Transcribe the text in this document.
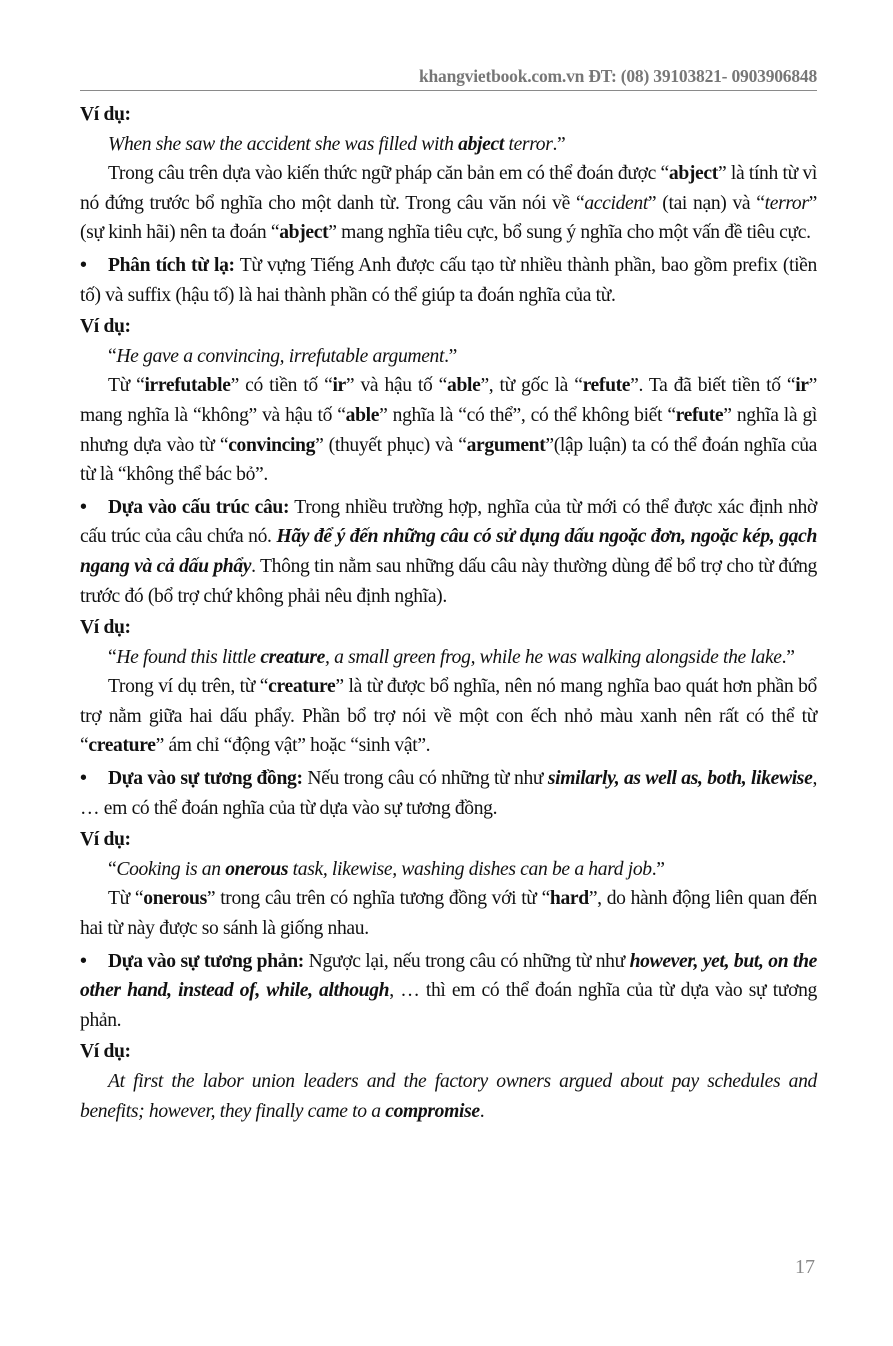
khangvietbook.com.vn ĐT: (08) 39103821- 0903906848

Ví dụ:

When she saw the accident she was filled with abject terror.”

Trong câu trên dựa vào kiến thức ngữ pháp căn bản em có thể đoán được “abject” là tính từ vì nó đứng trước bổ nghĩa cho một danh từ. Trong câu văn nói về “accident” (tai nạn) và “terror” (sự kinh hãi) nên ta đoán “abject” mang nghĩa tiêu cực, bổ sung ý nghĩa cho một vấn đề tiêu cực.

• Phân tích từ lạ: Từ vựng Tiếng Anh được cấu tạo từ nhiều thành phần, bao gồm prefix (tiền tố) và suffix (hậu tố) là hai thành phần có thể giúp ta đoán nghĩa của từ.

Ví dụ:

“He gave a convincing, irrefutable argument.”

Từ “irrefutable” có tiền tố “ir” và hậu tố “able”, từ gốc là “refute”. Ta đã biết tiền tố “ir” mang nghĩa là “không” và hậu tố “able” nghĩa là “có thể”, có thể không biết “refute” nghĩa là gì nhưng dựa vào từ “convincing” (thuyết phục) và “argument”(lập luận) ta có thể đoán nghĩa của từ là “không thể bác bỏ”.

• Dựa vào cấu trúc câu: Trong nhiều trường hợp, nghĩa của từ mới có thể được xác định nhờ cấu trúc của câu chứa nó. Hãy để ý đến những câu có sử dụng dấu ngoặc đơn, ngoặc kép, gạch ngang và cả dấu phẩy. Thông tin nằm sau những dấu câu này thường dùng để bổ trợ cho từ đứng trước đó (bổ trợ chứ không phải nêu định nghĩa).

Ví dụ:

“He found this little creature, a small green frog, while he was walking alongside the lake.”

Trong ví dụ trên, từ “creature” là từ được bổ nghĩa, nên nó mang nghĩa bao quát hơn phần bổ trợ nằm giữa hai dấu phẩy. Phần bổ trợ nói về một con ếch nhỏ màu xanh nên rất có thể từ “creature” ám chỉ “động vật” hoặc “sinh vật”.

• Dựa vào sự tương đồng: Nếu trong câu có những từ như similarly, as well as, both, likewise, … em có thể đoán nghĩa của từ dựa vào sự tương đồng.

Ví dụ:

“Cooking is an onerous task, likewise, washing dishes can be a hard job.”

Từ “onerous” trong câu trên có nghĩa tương đồng với từ “hard”, do hành động liên quan đến hai từ này được so sánh là giống nhau.

• Dựa vào sự tương phản: Ngược lại, nếu trong câu có những từ như however, yet, but, on the other hand, instead of, while, although, … thì em có thể đoán nghĩa của từ dựa vào sự tương phản.

Ví dụ:

At first the labor union leaders and the factory owners argued about pay schedules and benefits; however, they finally came to a compromise.

17
